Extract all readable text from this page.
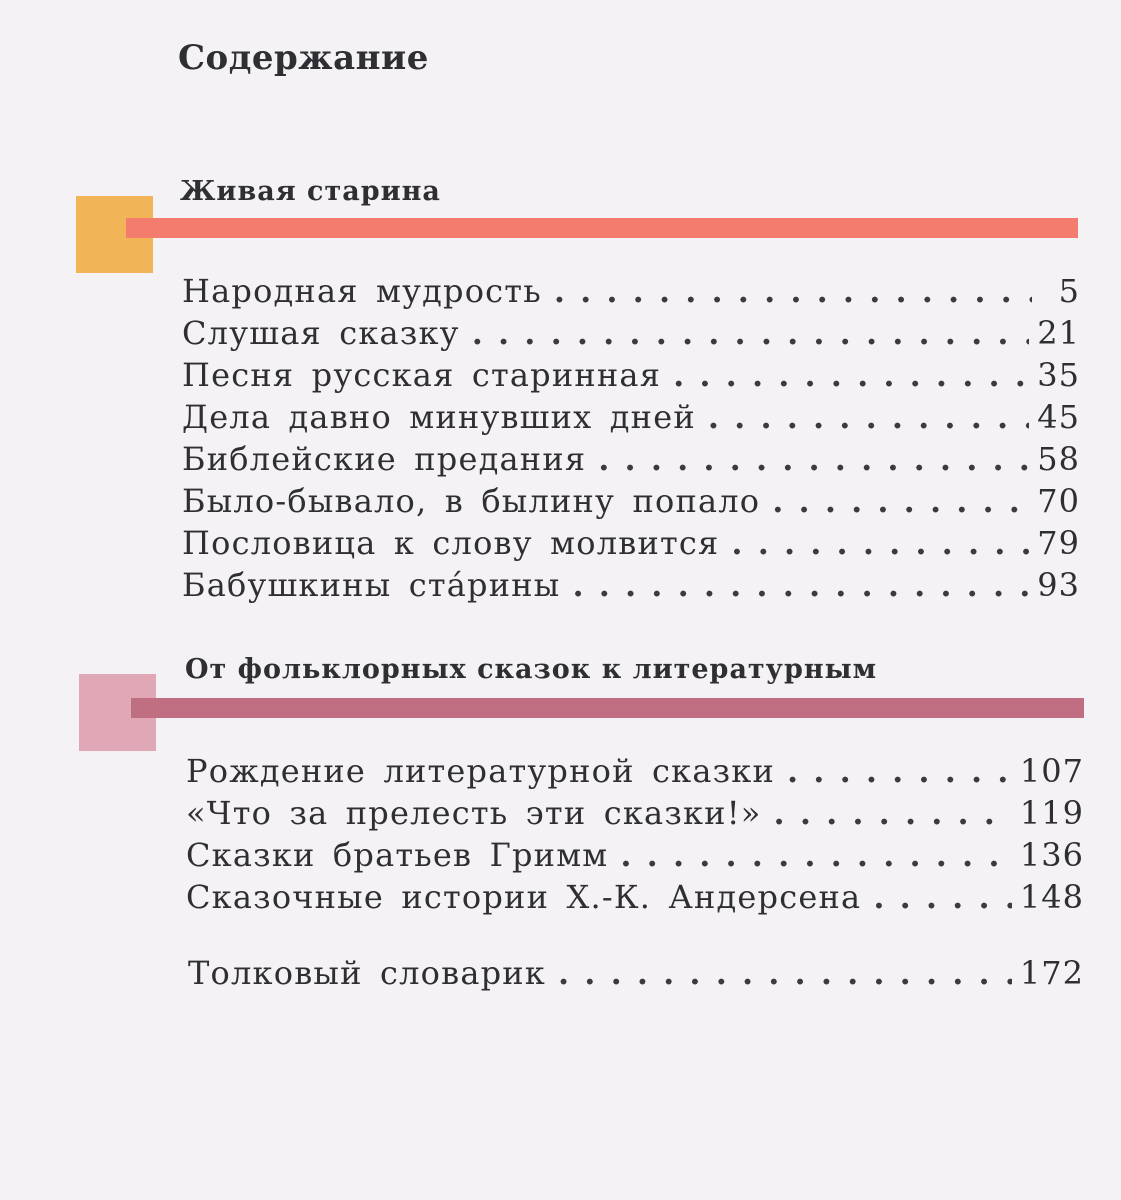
Содержание
Живая старина
Народная мудрость . . .	5
Слушая сказку . . .	21
Песня русская старинная . . .	35
Дела давно минувших дней . . .	45
Библейские предания . . .	58
Было-бывало, в былину попало . . .	70
Пословица к слову молвится . . .	79
Бабушкины ста́рины . . .	93
От фольклорных сказок к литературным
Рождение литературной сказки . . .	107
«Что за прелесть эти сказки!» . . .	119
Сказки братьев Гримм . . .	136
Сказочные истории Х.-К. Андерсена . . .	148
Толковый словарик . . .	172
